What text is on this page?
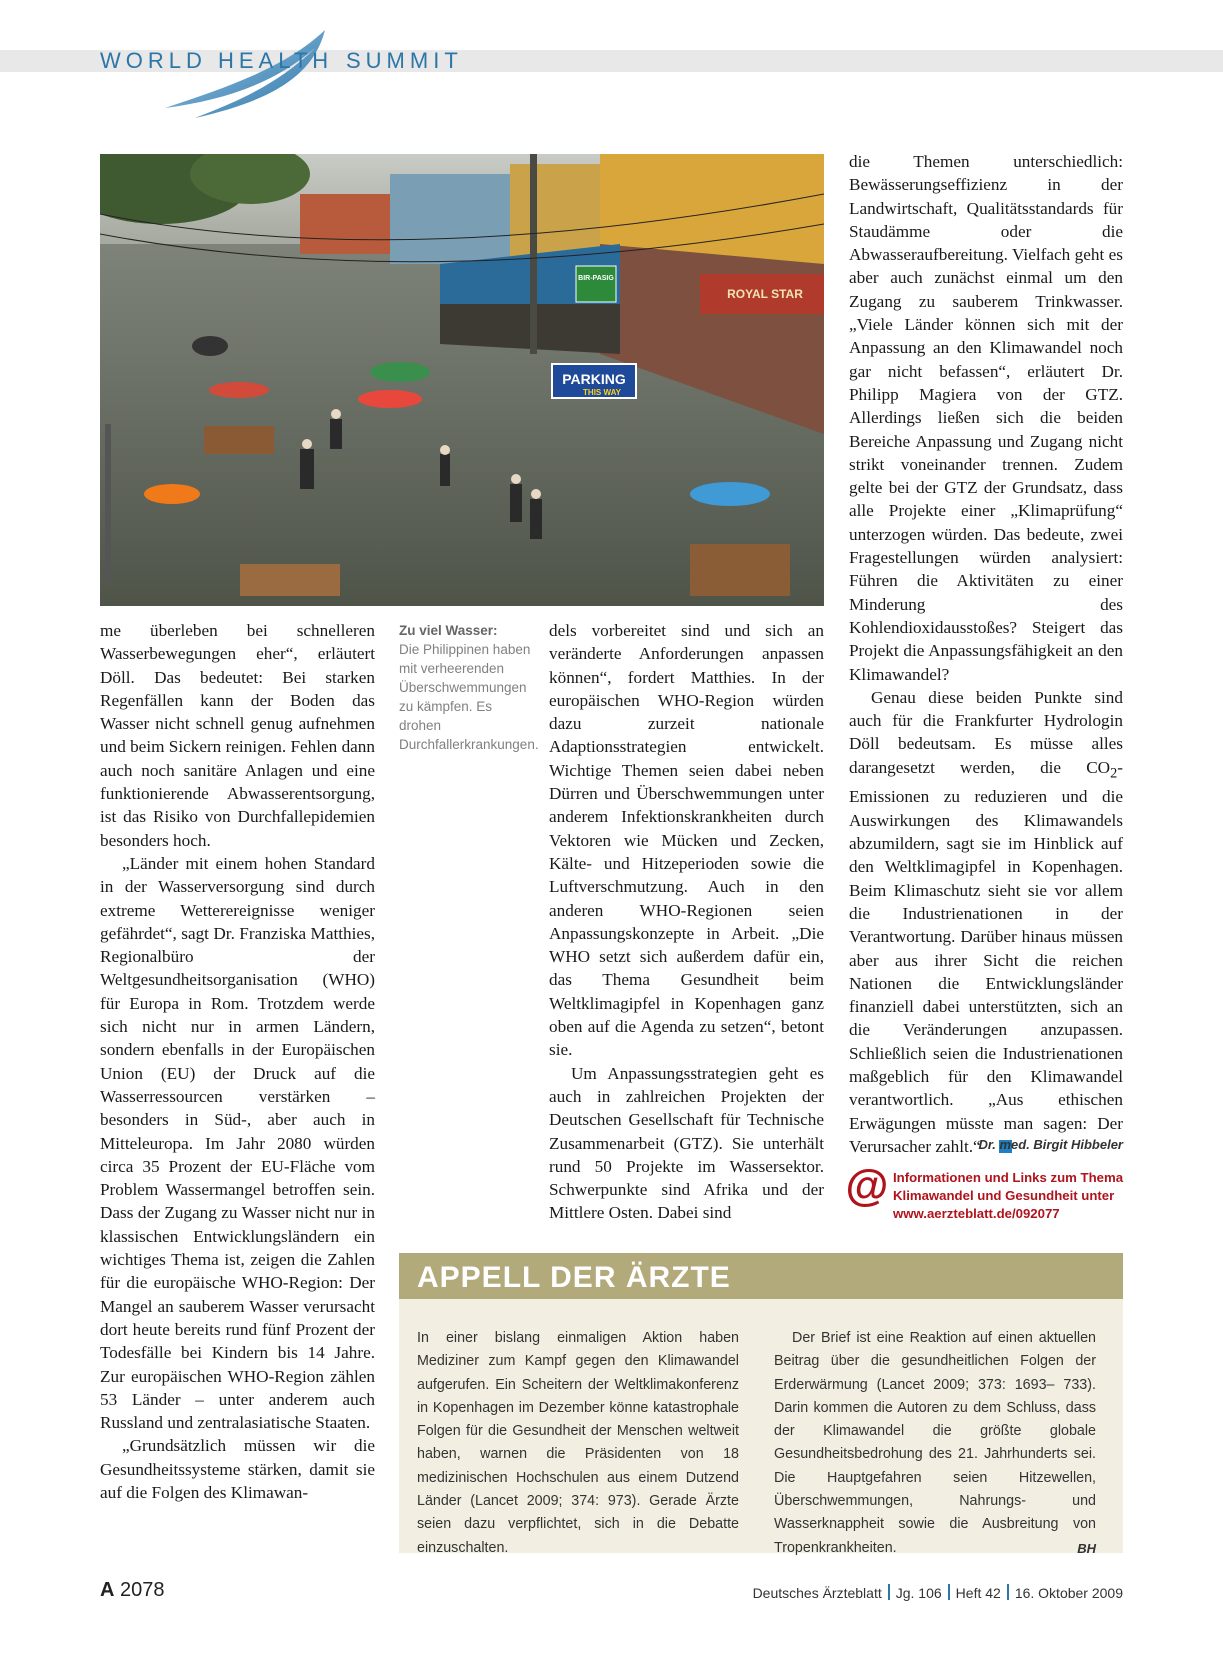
WORLD HEALTH SUMMIT
PARKING
THIS WAY
BIR-PASIG
ROYAL STAR
Zu viel Wasser:
Die Philippinen haben mit verheerenden Überschwemmungen zu kämpfen. Es drohen Durchfallerkrankungen.

me überleben bei schnelleren Wasserbewegungen eher“, erläutert Döll. Das bedeutet: Bei starken Regenfällen kann der Boden das Wasser nicht schnell genug aufnehmen und beim Sickern reinigen. Fehlen dann auch noch sanitäre Anlagen und eine funktionierende Abwasserentsorgung, ist das Risiko von Durchfallepidemien besonders hoch.

„Länder mit einem hohen Standard in der Wasserversorgung sind durch extreme Wetterereignisse weniger gefährdet“, sagt Dr. Franziska Matthies, Regionalbüro der Weltgesundheitsorganisation (WHO) für Europa in Rom. Trotzdem werde sich nicht nur in armen Ländern, sondern ebenfalls in der Europäischen Union (EU) der Druck auf die Wasserressourcen verstärken – besonders in Süd-, aber auch in Mitteleuropa. Im Jahr 2080 würden circa 35 Prozent der EU-Fläche vom Problem Wassermangel betroffen sein. Dass der Zugang zu Wasser nicht nur in klassischen Entwicklungsländern ein wichtiges Thema ist, zeigen die Zahlen für die europäische WHO-Region: Der Mangel an sauberem Wasser verursacht dort heute bereits rund fünf Prozent der Todesfälle bei Kindern bis 14 Jahre. Zur europäischen WHO-Region zählen 53 Länder – unter anderem auch Russland und zentralasiatische Staaten.

„Grundsätzlich müssen wir die Gesundheitssysteme stärken, damit sie auf die Folgen des Klimawan-

dels vorbereitet sind und sich an veränderte Anforderungen anpassen können“, fordert Matthies. In der europäischen WHO-Region würden dazu zurzeit nationale Adaptionsstrategien entwickelt. Wichtige Themen seien dabei neben Dürren und Überschwemmungen unter anderem Infektionskrankheiten durch Vektoren wie Mücken und Zecken, Kälte- und Hitzeperioden sowie die Luftverschmutzung. Auch in den anderen WHO-Regionen seien Anpassungskonzepte in Arbeit. „Die WHO setzt sich außerdem dafür ein, das Thema Gesundheit beim Weltklimagipfel in Kopenhagen ganz oben auf die Agenda zu setzen“, betont sie.

Um Anpassungsstrategien geht es auch in zahlreichen Projekten der Deutschen Gesellschaft für Technische Zusammenarbeit (GTZ). Sie unterhält rund 50 Projekte im Wassersektor. Schwerpunkte sind Afrika und der Mittlere Osten. Dabei sind

die Themen unterschiedlich: Bewässerungseffizienz in der Landwirtschaft, Qualitätsstandards für Staudämme oder die Abwasseraufbereitung. Vielfach geht es aber auch zunächst einmal um den Zugang zu sauberem Trinkwasser. „Viele Länder können sich mit der Anpassung an den Klimawandel noch gar nicht befassen“, erläutert Dr. Philipp Magiera von der GTZ. Allerdings ließen sich die beiden Bereiche Anpassung und Zugang nicht strikt voneinander trennen. Zudem gelte bei der GTZ der Grundsatz, dass alle Projekte einer „Klimaprüfung“ unterzogen würden. Das bedeute, zwei Fragestellungen würden analysiert: Führen die Aktivitäten zu einer Minderung des Kohlendioxidausstoßes? Steigert das Projekt die Anpassungsfähigkeit an den Klimawandel?

Genau diese beiden Punkte sind auch für die Frankfurter Hydrologin Döll bedeutsam. Es müsse alles darangesetzt werden, die $CO_2$-Emissionen zu reduzieren und die Auswirkungen des Klimawandels abzumildern, sagt sie im Hinblick auf den Weltklimagipfel in Kopenhagen. Beim Klimaschutz sieht sie vor allem die Industrienationen in der Verantwortung. Darüber hinaus müssen aber aus ihrer Sicht die reichen Nationen die Entwicklungsländer finanziell dabei unterstützten, sich an die Veränderungen anzupassen. Schließlich seien die Industrienationen maßgeblich für den Klimawandel verantwortlich. „Aus ethischen Erwägungen müsste man sagen: Der Verursacher zahlt.“

Dr. med. Birgit Hibbeler
@ Informationen und Links zum Thema
Klimawandel und Gesundheit unter
www.aerzteblatt.de/092077
APPELL DER ÄRZTE
In einer bislang einmaligen Aktion haben Mediziner zum Kampf gegen den Klimawandel aufgerufen. Ein Scheitern der Weltklimakonferenz in Kopenhagen im Dezember könne katastrophale Folgen für die Gesundheit der Menschen weltweit haben, warnen die Präsidenten von 18 medizinischen Hochschulen aus einem Dutzend Länder (Lancet 2009; 374: 973). Gerade Ärzte seien dazu verpflichtet, sich in die Debatte einzuschalten.
Der Brief ist eine Reaktion auf einen aktuellen Beitrag über die gesundheitlichen Folgen der Erderwärmung (Lancet 2009; 373: 1693– 733). Darin kommen die Autoren zu dem Schluss, dass der Klimawandel die größte globale Gesundheitsbedrohung des 21. Jahrhunderts sei. Die Hauptgefahren seien Hitzewellen, Überschwemmungen, Nahrungs- und Wasserknappheit sowie die Ausbreitung von Tropenkrankheiten.	BH
A 2078	Deutsches Ärzteblatt Jg. 106 Heft 42 16. Oktober 2009
